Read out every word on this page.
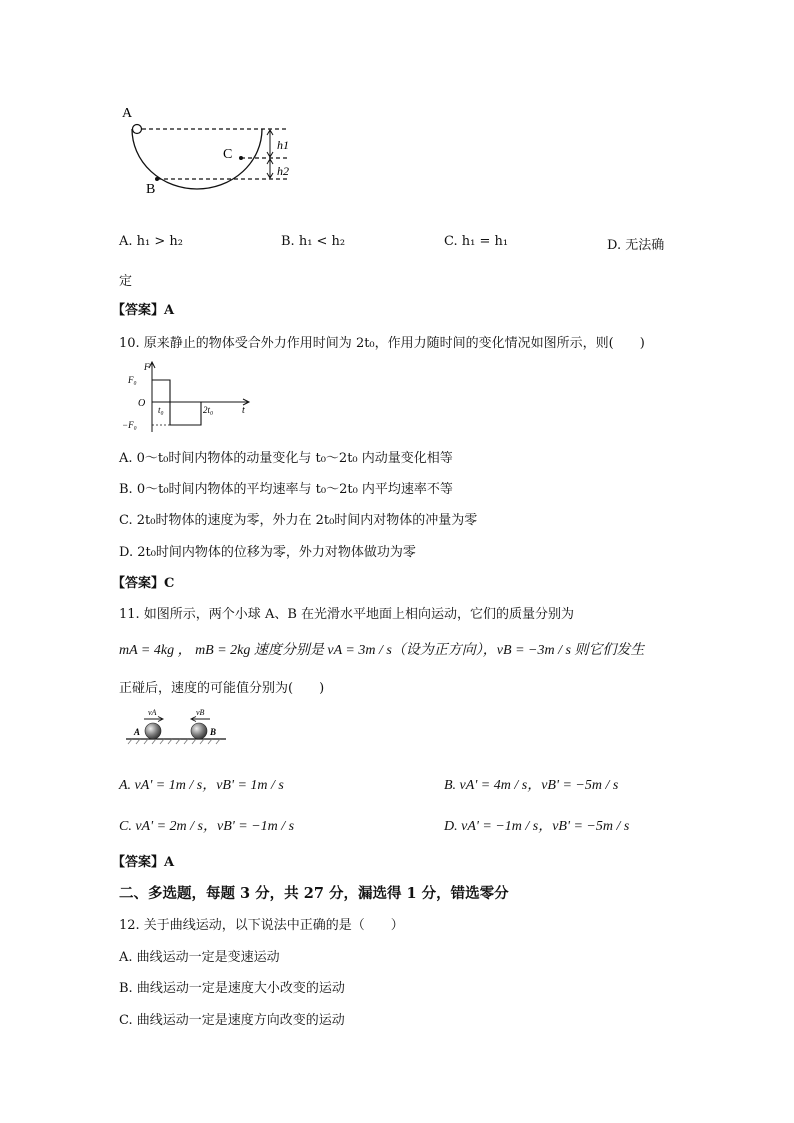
A
C
B
h1
h2
A. h₁ > h₂	B. h₁ < h₂	C. h₁ = h₁	D. 无法确
定
【答案】A
10. 原来静止的物体受合外力作用时间为 2t₀，作用力随时间的变化情况如图所示，则(　　)
F
F₀
O
−F₀
t₀	2t₀	t
A. 0～t₀时间内物体的动量变化与 t₀～2t₀ 内动量变化相等
B. 0～t₀时间内物体的平均速率与 t₀～2t₀ 内平均速率不等
C. 2t₀时物体的速度为零，外力在 2t₀时间内对物体的冲量为零
D. 2t₀时间内物体的位移为零，外力对物体做功为零
【答案】C
11. 如图所示，两个小球 A、B 在光滑水平地面上相向运动，它们的质量分别为
mA = 4kg ， mB = 2kg 速度分别是 vA = 3m / s（设为正方向），vB = −3m / s 则它们发生
正碰后，速度的可能值分别为(　　)
vA	vB
A	B
A. vA' = 1m / s，vB' = 1m / s	B. vA' = 4m / s，vB' = −5m / s
C. vA' = 2m / s，vB' = −1m / s	D. vA' = −1m / s，vB' = −5m / s
【答案】A
二、多选题，每题 3 分，共 27 分，漏选得 1 分，错选零分
12. 关于曲线运动，以下说法中正确的是（　　）
A. 曲线运动一定是变速运动
B. 曲线运动一定是速度大小改变的运动
C. 曲线运动一定是速度方向改变的运动
